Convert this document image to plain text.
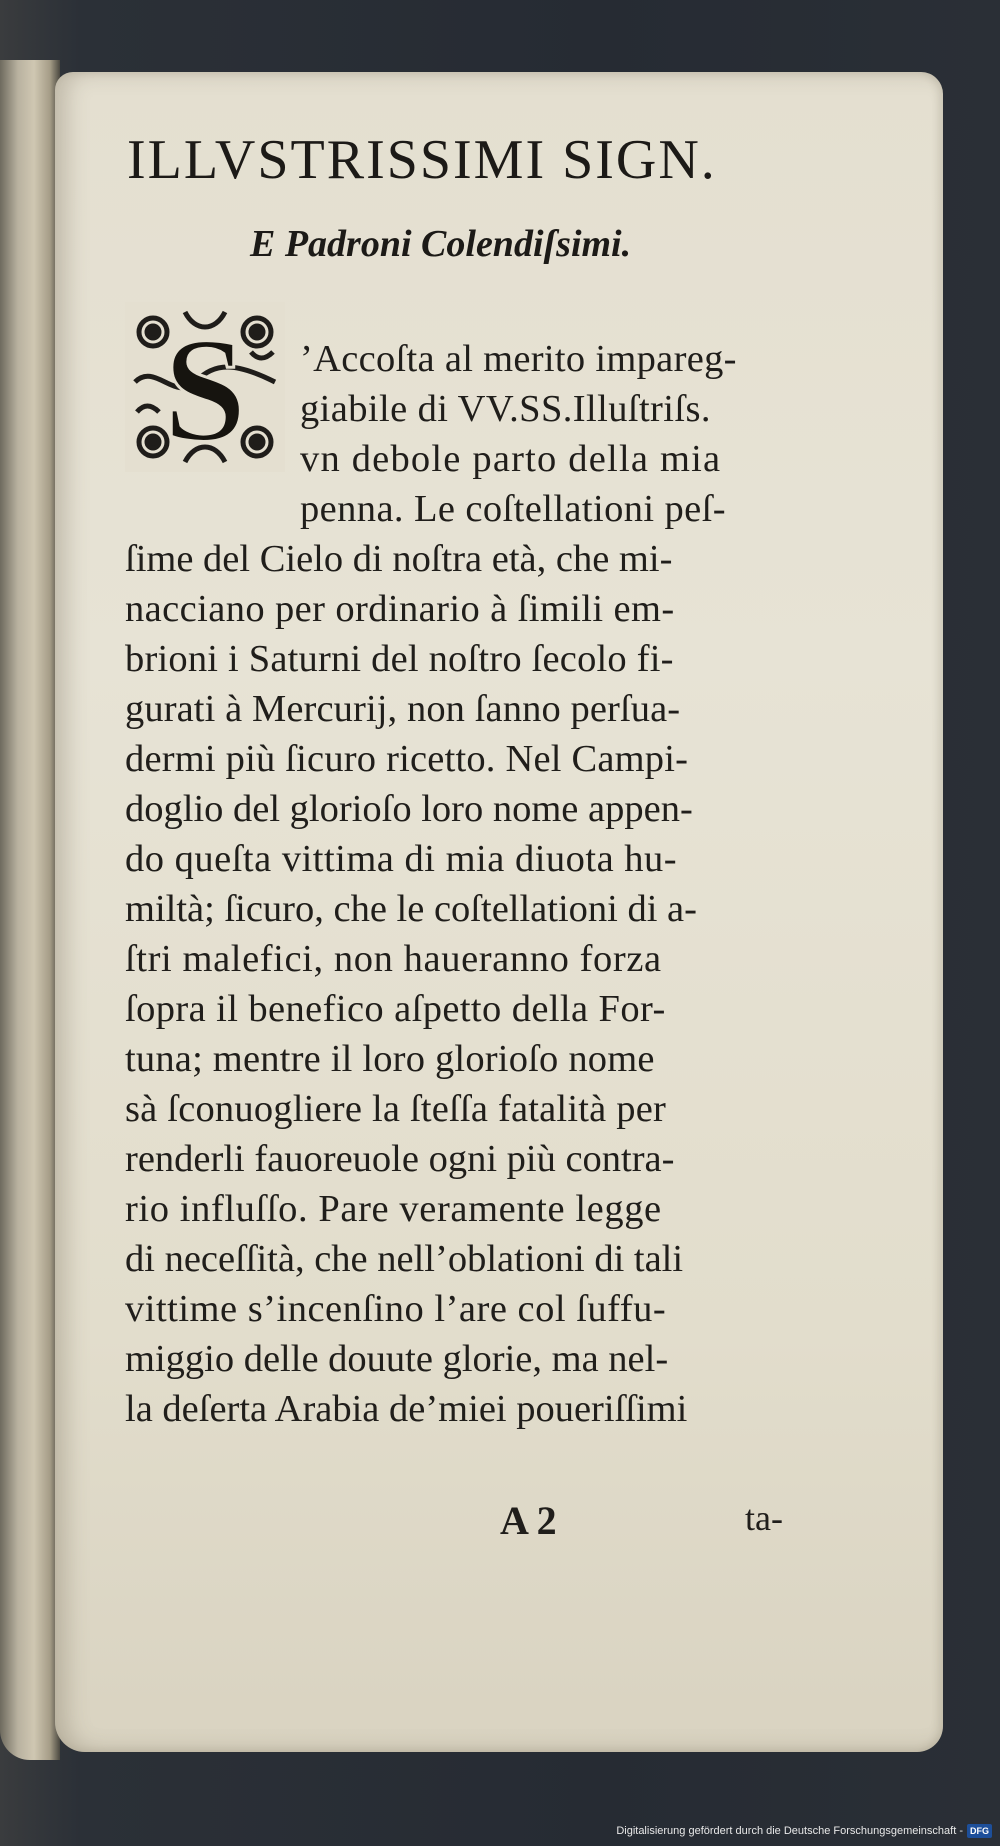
ILLVSTRISSIMI SIGN.
E Padroni Colendiſsimi.
S ’Accoſta al merito impareg-
giabile di VV.SS.Illuſtriſs.
vn debole parto della mia
penna. Le coſtellationi peſ-
ſime del Cielo di noſtra età, che mi-
nacciano per ordinario à ſimili em-
brioni i Saturni del noſtro ſecolo fi-
gurati à Mercurij, non ſanno perſua-
dermi più ſicuro ricetto. Nel Campi-
doglio del glorioſo loro nome appen-
do queſta vittima di mia diuota hu-
miltà; ſicuro, che le coſtellationi di a-
ſtri malefici, non haueranno forza
ſopra il benefico aſpetto della For-
tuna; mentre il loro glorioſo nome
sà ſconuogliere la ſteſſa fatalità per
renderli fauoreuole ogni più contra-
rio influſſo. Pare veramente legge
di neceſſità, che nell’oblationi di tali
vittime s’incenſino l’are col ſuffu-
miggio delle douute glorie, ma nel-
la deſerta Arabia de’miei poueriſſimi
A 2	ta-
Digitalisierung gefördert durch die Deutsche Forschungsgemeinschaft - DFG
